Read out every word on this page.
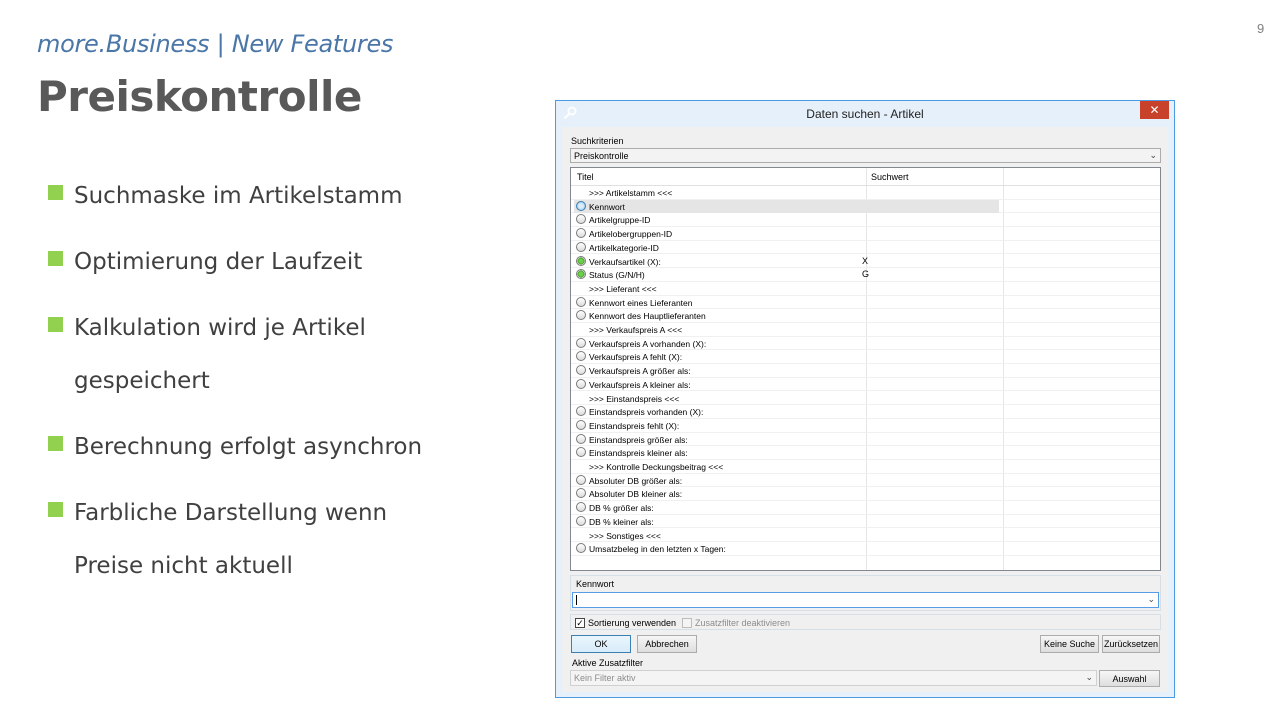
more.Business | New Features
Preiskontrolle
9
Suchmaske im Artikelstamm
Optimierung der Laufzeit
Kalkulation wird je Artikel gespeichert
Berechnung erfolgt asynchron
Farbliche Darstellung wenn Preise nicht aktuell
Daten suchen - Artikel	✕
Suchkriterien
Preiskontrolle	⌄
Titel	Suchwert
>>> Artikelstamm <<<
Kennwort
Artikelgruppe-ID
Artikelobergruppen-ID
Artikelkategorie-ID
Verkaufsartikel (X):	X
Status (G/N/H)	G
>>> Lieferant <<<
Kennwort eines Lieferanten
Kennwort des Hauptlieferanten
>>> Verkaufspreis A <<<
Verkaufspreis A vorhanden (X):
Verkaufspreis A fehlt (X):
Verkaufspreis A größer als:
Verkaufspreis A kleiner als:
>>> Einstandspreis <<<
Einstandspreis vorhanden (X):
Einstandspreis fehlt (X):
Einstandspreis größer als:
Einstandspreis kleiner als:
>>> Kontrolle Deckungsbeitrag <<<
Absoluter DB größer als:
Absoluter DB kleiner als:
DB % größer als:
DB % kleiner als:
>>> Sonstiges <<<
Umsatzbeleg in den letzten x Tagen:
Kennwort
⌄
✓ Sortierung verwenden Zusatzfilter deaktivieren
OK	Abbrechen	Keine Suche Zurücksetzen
Aktive Zusatzfilter
Kein Filter aktiv	⌄	Auswahl
